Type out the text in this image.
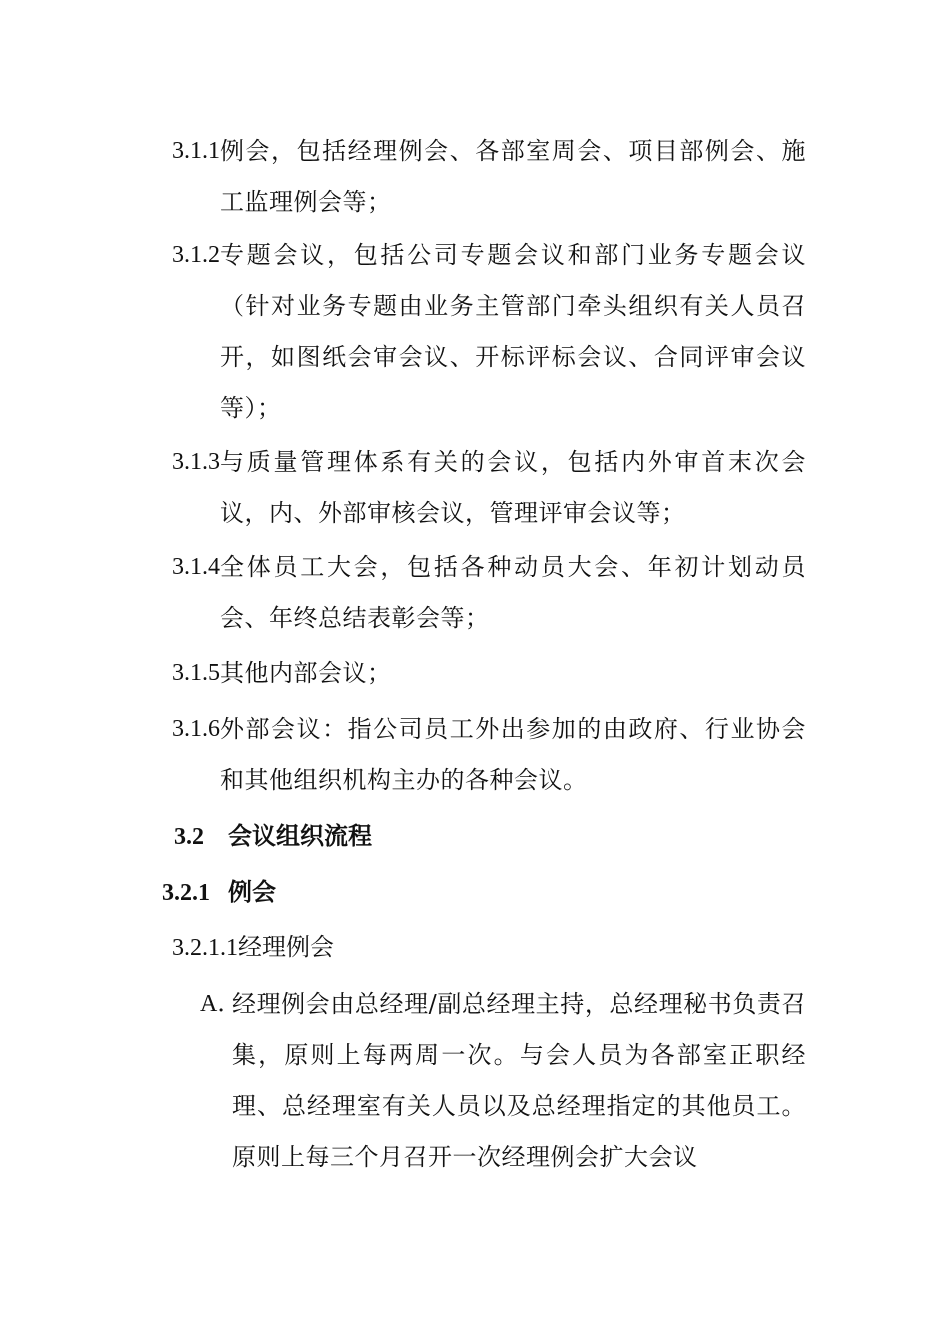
3.1.1 例会，包括经理例会、各部室周会、项目部例会、施工监理例会等；
3.1.2 专题会议，包括公司专题会议和部门业务专题会议（针对业务专题由业务主管部门牵头组织有关人员召开，如图纸会审会议、开标评标会议、合同评审会议等）；
3.1.3 与质量管理体系有关的会议，包括内外审首末次会议，内、外部审核会议，管理评审会议等；
3.1.4 全体员工大会，包括各种动员大会、年初计划动员会、年终总结表彰会等；
3.1.5 其他内部会议；
3.1.6 外部会议：指公司员工外出参加的由政府、行业协会和其他组织机构主办的各种会议。
3.2 会议组织流程
3.2.1 例会
3.2.1.1经理例会
A．
经理例会由总经理/副总经理主持，总经理秘书负责召集，原则上每两周一次。与会人员为各部室正职经理、总经理室有关人员以及总经理指定的其他员工。原则上每三个月召开一次经理例会扩大会议
